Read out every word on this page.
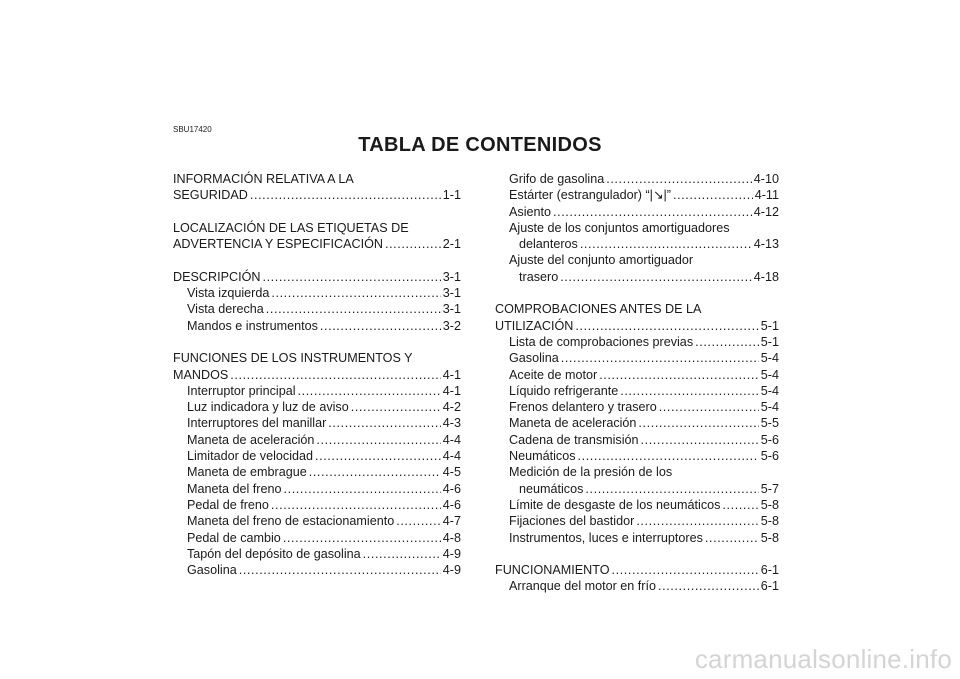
SBU17420
TABLA DE CONTENIDOS
INFORMACIÓN RELATIVA A LA
SEGURIDAD .....	1-1
LOCALIZACIÓN DE LAS ETIQUETAS DE
ADVERTENCIA Y ESPECIFICACIÓN .....	2-1
DESCRIPCIÓN .....	3-1
Vista izquierda .....	3-1
Vista derecha .....	3-1
Mandos e instrumentos .....	3-2
FUNCIONES DE LOS INSTRUMENTOS Y
MANDOS .....	4-1
Interruptor principal .....	4-1
Luz indicadora y luz de aviso .....	4-2
Interruptores del manillar .....	4-3
Maneta de aceleración .....	4-4
Limitador de velocidad .....	4-4
Maneta de embrague .....	4-5
Maneta del freno .....	4-6
Pedal de freno .....	4-6
Maneta del freno de estacionamiento .....	4-7
Pedal de cambio .....	4-8
Tapón del depósito de gasolina .....	4-9
Gasolina .....	4-9
Grifo de gasolina .....	4-10
Estárter (estrangulador) “|↘|” .....	4-11
Asiento .....	4-12
Ajuste de los conjuntos amortiguadores
delanteros .....	4-13
Ajuste del conjunto amortiguador
trasero .....	4-18
COMPROBACIONES ANTES DE LA
UTILIZACIÓN .....	5-1
Lista de comprobaciones previas .....	5-1
Gasolina .....	5-4
Aceite de motor .....	5-4
Líquido refrigerante .....	5-4
Frenos delantero y trasero .....	5-4
Maneta de aceleración .....	5-5
Cadena de transmisión .....	5-6
Neumáticos .....	5-6
Medición de la presión de los
neumáticos .....	5-7
Límite de desgaste de los neumáticos .....	5-8
Fijaciones del bastidor .....	5-8
Instrumentos, luces e interruptores .....	5-8
FUNCIONAMIENTO .....	6-1
Arranque del motor en frío .....	6-1
carmanualsonline.info
